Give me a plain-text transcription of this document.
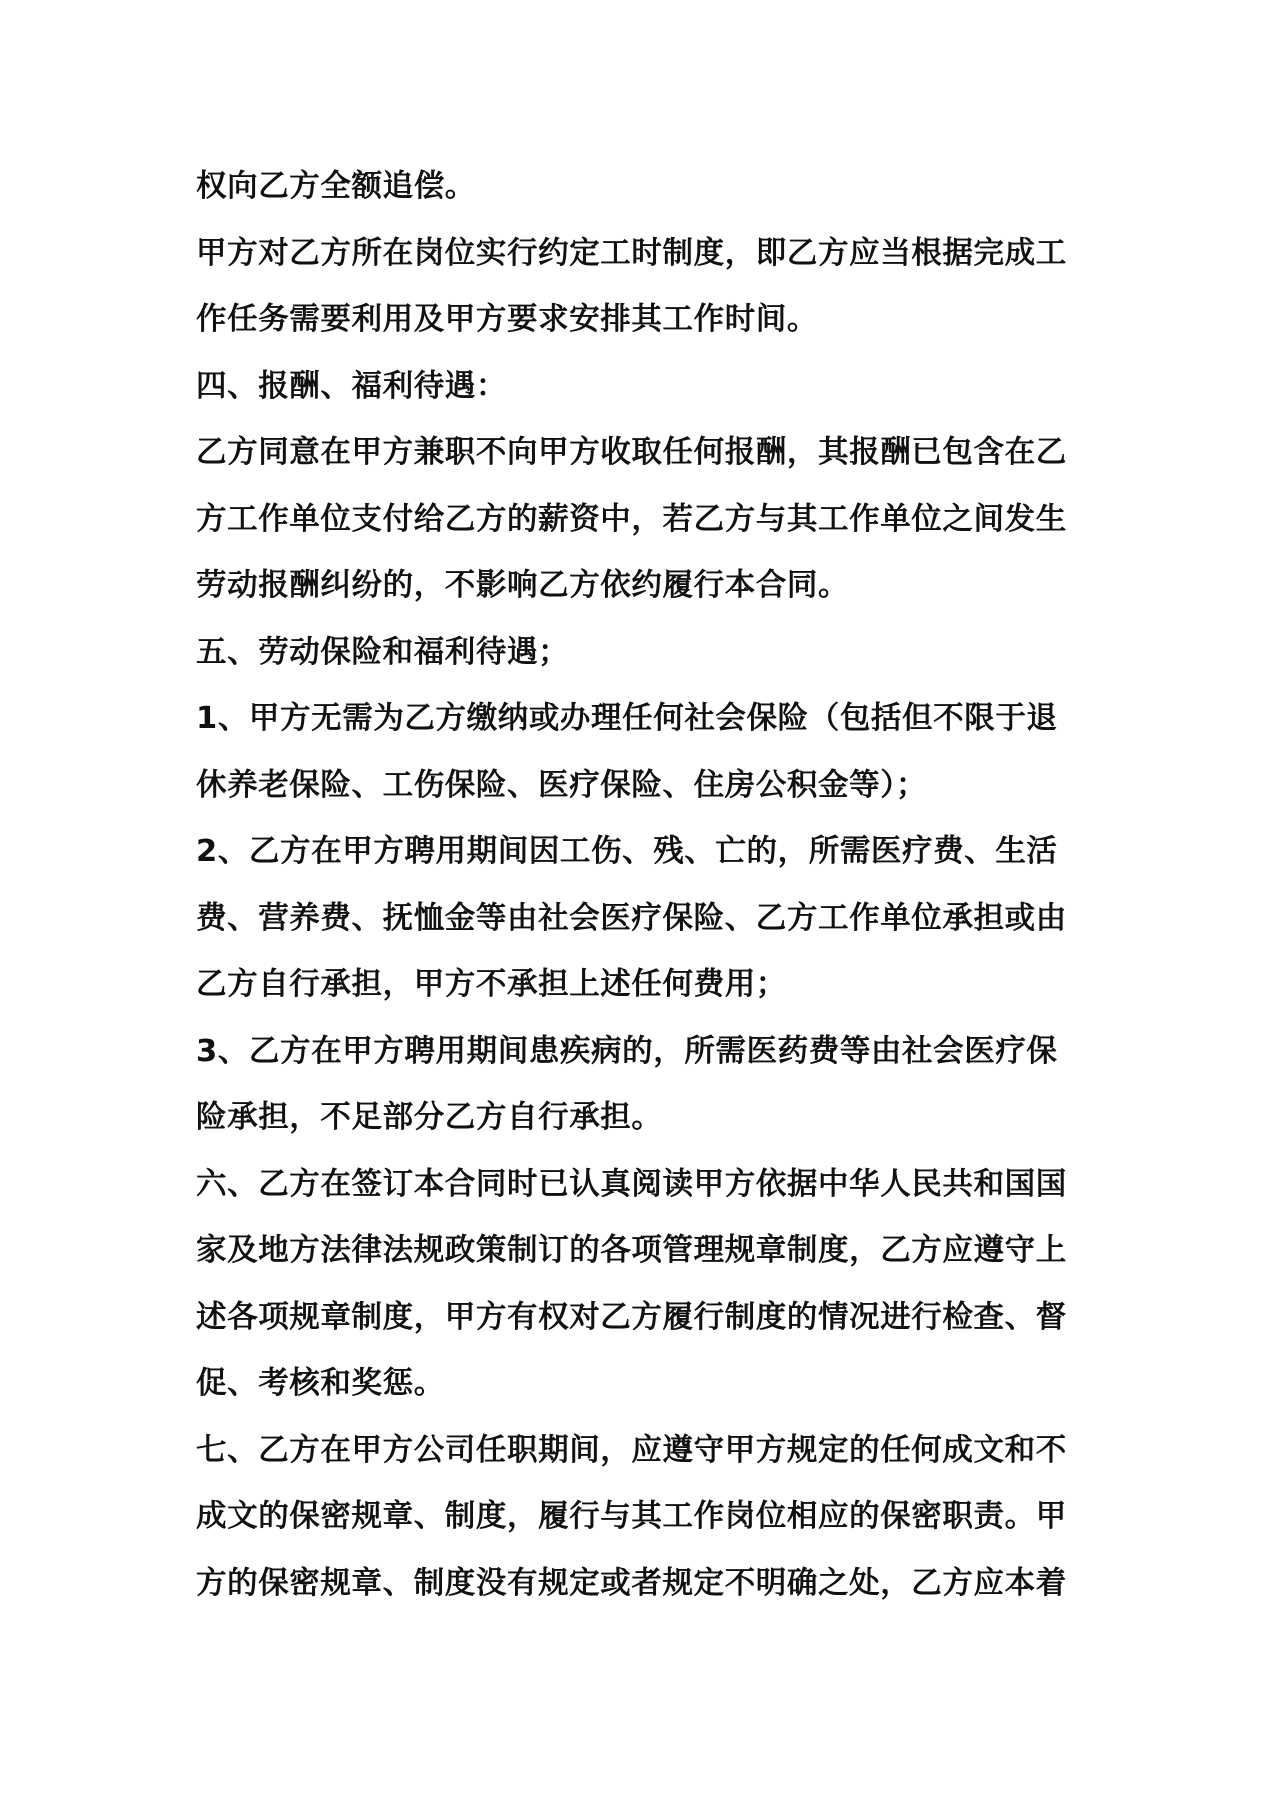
权向乙方全额追偿。
甲方对乙方所在岗位实行约定工时制度，即乙方应当根据完成工
作任务需要利用及甲方要求安排其工作时间。
四、报酬、福利待遇：
乙方同意在甲方兼职不向甲方收取任何报酬，其报酬已包含在乙
方工作单位支付给乙方的薪资中，若乙方与其工作单位之间发生
劳动报酬纠纷的，不影响乙方依约履行本合同。
五、劳动保险和福利待遇；
1、甲方无需为乙方缴纳或办理任何社会保险（包括但不限于退
休养老保险、工伤保险、医疗保险、住房公积金等）；
2、乙方在甲方聘用期间因工伤、残、亡的，所需医疗费、生活
费、营养费、抚恤金等由社会医疗保险、乙方工作单位承担或由
乙方自行承担，甲方不承担上述任何费用；
3、乙方在甲方聘用期间患疾病的，所需医药费等由社会医疗保
险承担，不足部分乙方自行承担。
六、乙方在签订本合同时已认真阅读甲方依据中华人民共和国国
家及地方法律法规政策制订的各项管理规章制度，乙方应遵守上
述各项规章制度，甲方有权对乙方履行制度的情况进行检查、督
促、考核和奖惩。
七、乙方在甲方公司任职期间，应遵守甲方规定的任何成文和不
成文的保密规章、制度，履行与其工作岗位相应的保密职责。甲
方的保密规章、制度没有规定或者规定不明确之处，乙方应本着
